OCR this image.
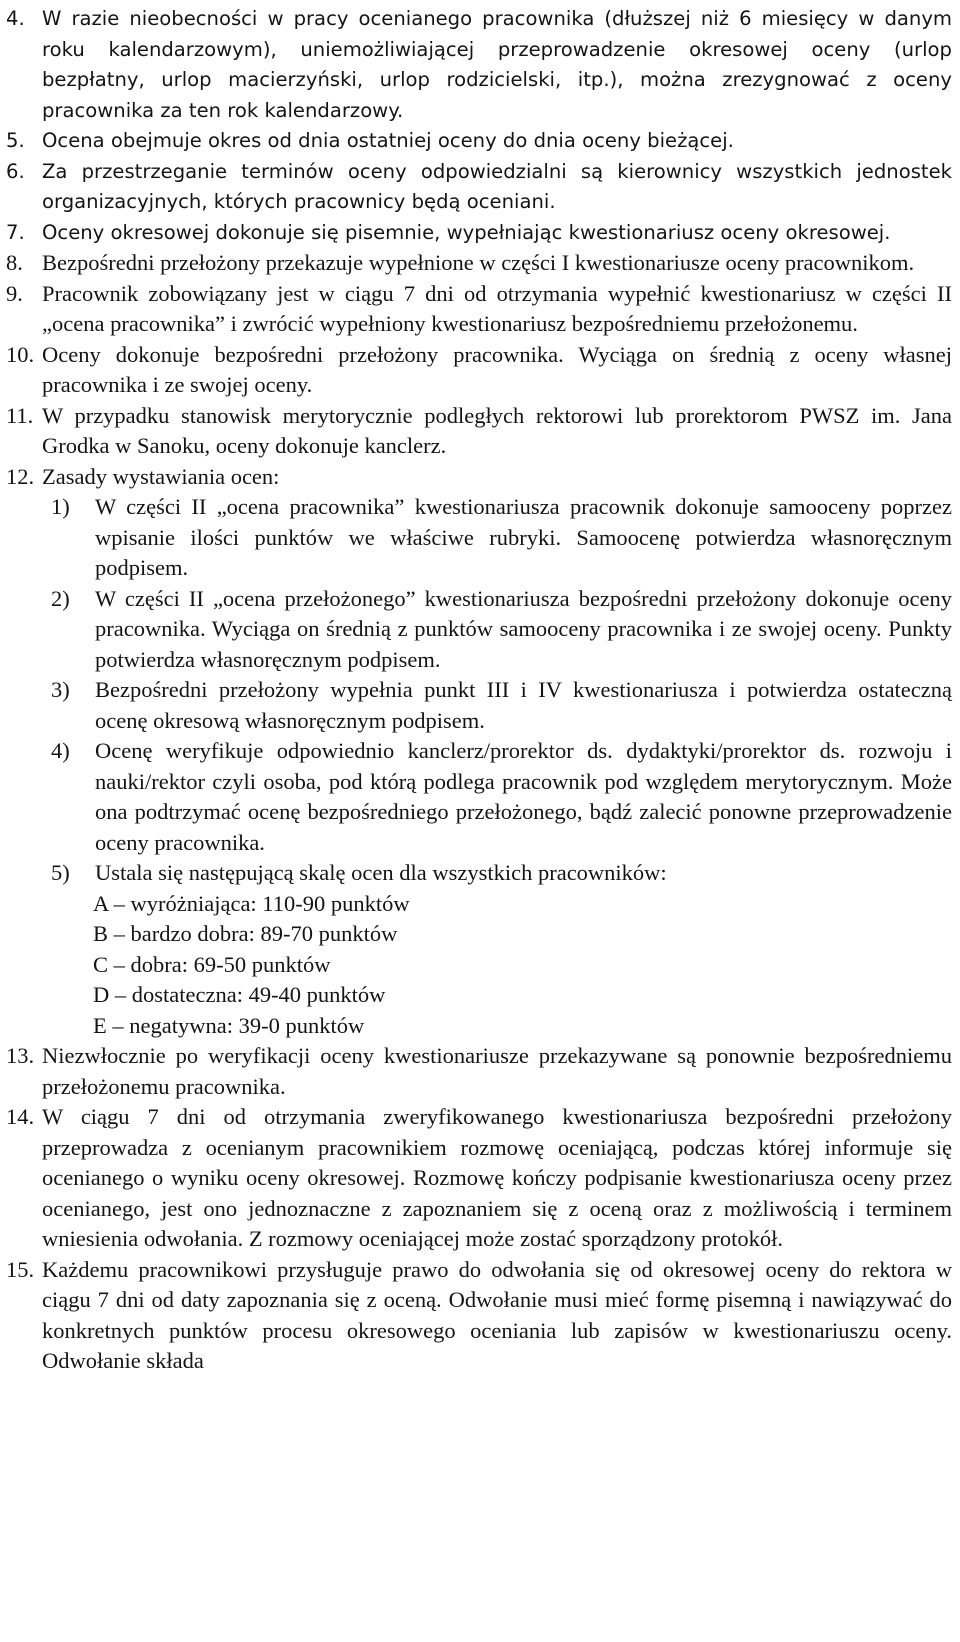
4. W razie nieobecności w pracy ocenianego pracownika (dłuższej niż 6 miesięcy w danym roku kalendarzowym), uniemożliwiającej przeprowadzenie okresowej oceny (urlop bezpłatny, urlop macierzyński, urlop rodzicielski, itp.), można zrezygnować z oceny pracownika za ten rok kalendarzowy.
5. Ocena obejmuje okres od dnia ostatniej oceny do dnia oceny bieżącej.
6. Za przestrzeganie terminów oceny odpowiedzialni są kierownicy wszystkich jednostek organizacyjnych, których pracownicy będą oceniani.
7. Oceny okresowej dokonuje się pisemnie, wypełniając kwestionariusz oceny okresowej.
8. Bezpośredni przełożony przekazuje wypełnione w części I kwestionariusze oceny pracownikom.
9. Pracownik zobowiązany jest w ciągu 7 dni od otrzymania wypełnić kwestionariusz w części II „ocena pracownika” i zwrócić wypełniony kwestionariusz bezpośredniemu przełożonemu.
10. Oceny dokonuje bezpośredni przełożony pracownika. Wyciąga on średnią z oceny własnej pracownika i ze swojej oceny.
11. W przypadku stanowisk merytorycznie podległych rektorowi lub prorektorom PWSZ im. Jana Grodka w Sanoku, oceny dokonuje kanclerz.
12. Zasady wystawiania ocen:
1)	W części II „ocena pracownika” kwestionariusza pracownik dokonuje samooceny poprzez wpisanie ilości punktów we właściwe rubryki. Samoocenę potwierdza własnoręcznym podpisem.
2)	W części II „ocena przełożonego” kwestionariusza bezpośredni przełożony dokonuje oceny pracownika. Wyciąga on średnią z punktów samooceny pracownika i ze swojej oceny. Punkty potwierdza własnoręcznym podpisem.
3)	Bezpośredni przełożony wypełnia punkt III i IV kwestionariusza i potwierdza ostateczną ocenę okresową własnoręcznym podpisem.
4)	Ocenę weryfikuje odpowiednio kanclerz/prorektor ds. dydaktyki/prorektor ds. rozwoju i nauki/rektor czyli osoba, pod którą podlega pracownik pod względem merytorycznym. Może ona podtrzymać ocenę bezpośredniego przełożonego, bądź zalecić ponowne przeprowadzenie oceny pracownika.
5)	Ustala się następującą skalę ocen dla wszystkich pracowników:
A – wyróżniająca: 110-90 punktów
B – bardzo dobra: 89-70 punktów
C – dobra: 69-50 punktów
D – dostateczna: 49-40 punktów
E – negatywna: 39-0 punktów
13. Niezwłocznie po weryfikacji oceny kwestionariusze przekazywane są ponownie bezpośredniemu przełożonemu pracownika.
14. W ciągu 7 dni od otrzymania zweryfikowanego kwestionariusza bezpośredni przełożony przeprowadza z ocenianym pracownikiem rozmowę oceniającą, podczas której informuje się ocenianego o wyniku oceny okresowej. Rozmowę kończy podpisanie kwestionariusza oceny przez ocenianego, jest ono jednoznaczne z zapoznaniem się z oceną oraz z możliwością i terminem wniesienia odwołania. Z rozmowy oceniającej może zostać sporządzony protokół.
15. Każdemu pracownikowi przysługuje prawo do odwołania się od okresowej oceny do rektora w ciągu 7 dni od daty zapoznania się z oceną. Odwołanie musi mieć formę pisemną i nawiązywać do konkretnych punktów procesu okresowego oceniania lub zapisów w kwestionariuszu oceny. Odwołanie składa
